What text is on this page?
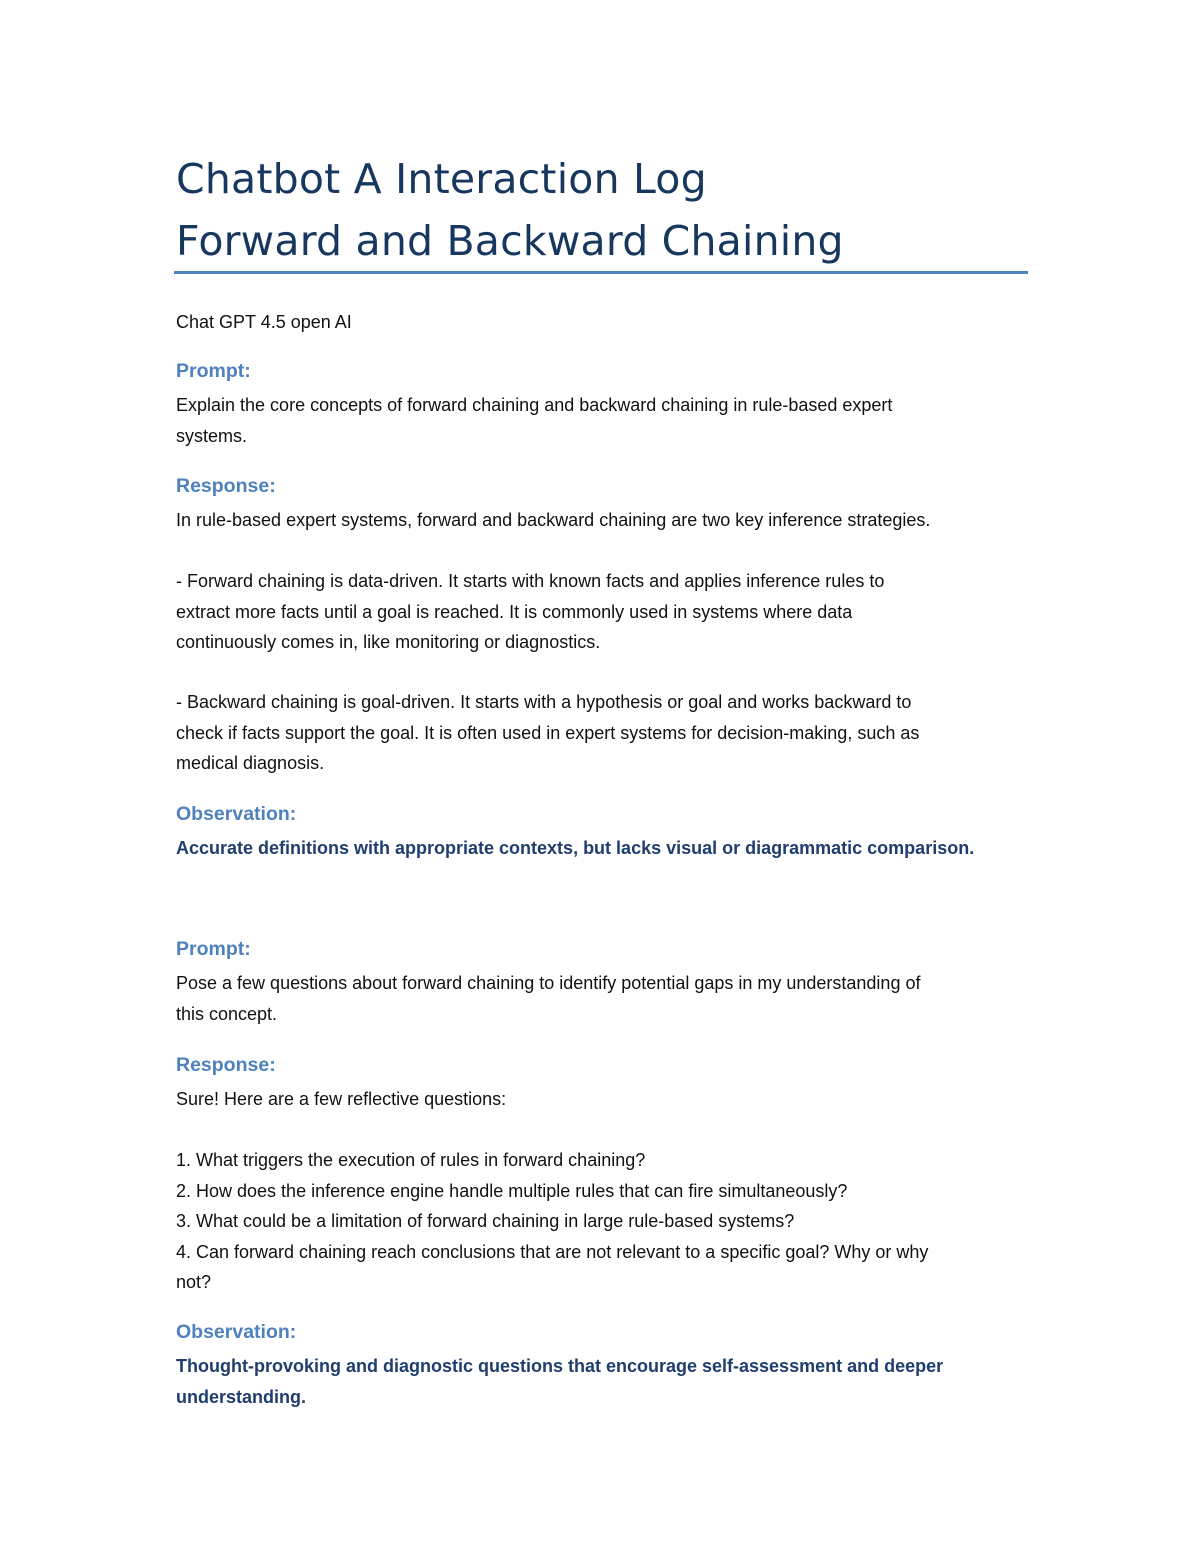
Chatbot A Interaction Log
Forward and Backward Chaining
Chat GPT 4.5 open AI
Prompt:
Explain the core concepts of forward chaining and backward chaining in rule-based expert
systems.
Response:
In rule-based expert systems, forward and backward chaining are two key inference strategies.
- Forward chaining is data-driven. It starts with known facts and applies inference rules to
extract more facts until a goal is reached. It is commonly used in systems where data
continuously comes in, like monitoring or diagnostics.
- Backward chaining is goal-driven. It starts with a hypothesis or goal and works backward to
check if facts support the goal. It is often used in expert systems for decision-making, such as
medical diagnosis.
Observation:
Accurate definitions with appropriate contexts, but lacks visual or diagrammatic comparison.
Prompt:
Pose a few questions about forward chaining to identify potential gaps in my understanding of
this concept.
Response:
Sure! Here are a few reflective questions:
1. What triggers the execution of rules in forward chaining?
2. How does the inference engine handle multiple rules that can fire simultaneously?
3. What could be a limitation of forward chaining in large rule-based systems?
4. Can forward chaining reach conclusions that are not relevant to a specific goal? Why or why
not?
Observation:
Thought-provoking and diagnostic questions that encourage self-assessment and deeper
understanding.
